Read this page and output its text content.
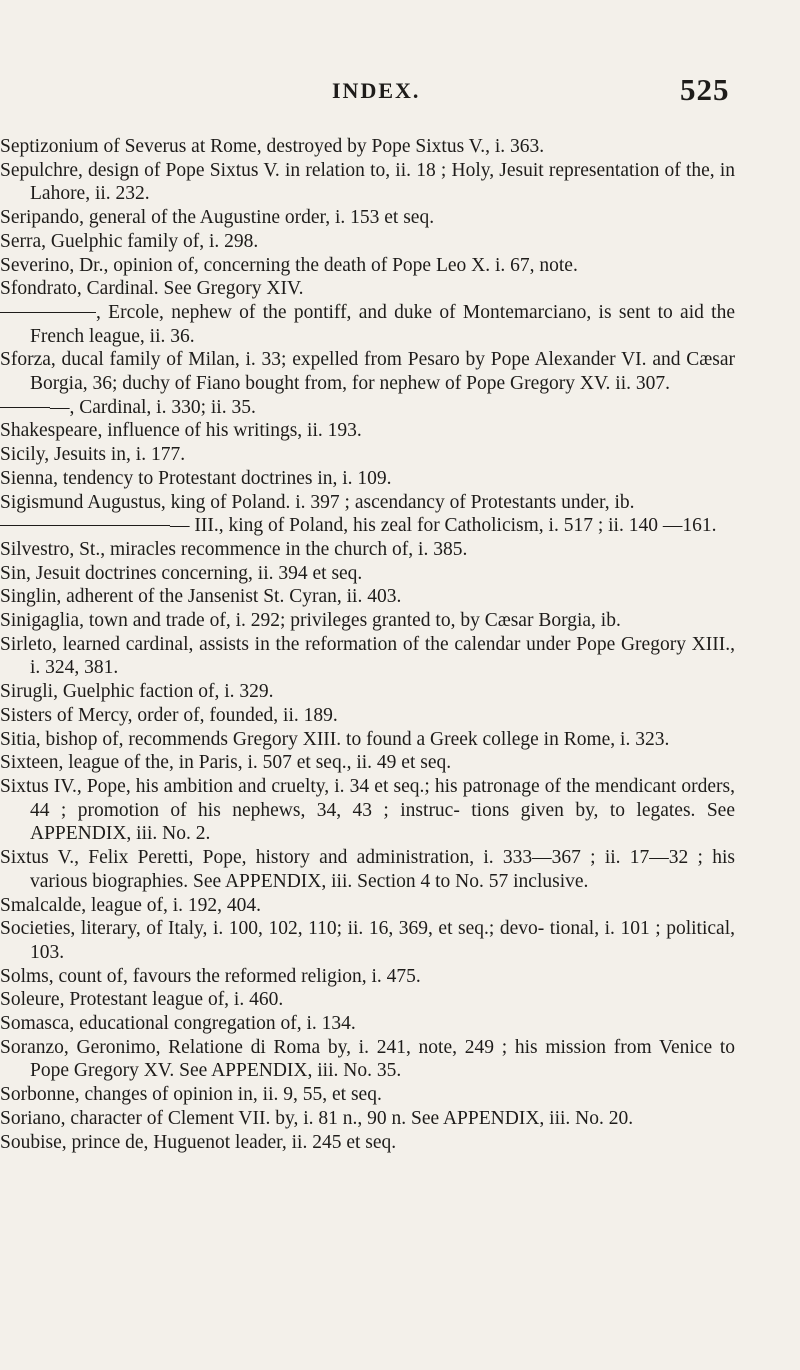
INDEX.	525

Septizonium of Severus at Rome, destroyed by Pope Sixtus V., i. 363.

Sepulchre, design of Pope Sixtus V. in relation to, ii. 18 ; Holy, Jesuit representation of the, in Lahore, ii. 232.

Seripando, general of the Augustine order, i. 153 et seq.

Serra, Guelphic family of, i. 298.

Severino, Dr., opinion of, concerning the death of Pope Leo X. i. 67, note.

Sfondrato, Cardinal. See Gregory XIV.

, Ercole, nephew of the pontiff, and duke of Montemarciano, is sent to aid the French league, ii. 36.

Sforza, ducal family of Milan, i. 33; expelled from Pesaro by Pope Alexander VI. and Cæsar Borgia, 36; duchy of Fiano bought from, for nephew of Pope Gregory XV. ii. 307.

—, Cardinal, i. 330; ii. 35.

Shakespeare, influence of his writings, ii. 193.

Sicily, Jesuits in, i. 177.

Sienna, tendency to Protestant doctrines in, i. 109.

Sigismund Augustus, king of Poland. i. 397 ; ascendancy of Protestants under, ib.

— III., king of Poland, his zeal for Catholicism, i. 517 ; ii. 140 —161.

Silvestro, St., miracles recommence in the church of, i. 385.

Sin, Jesuit doctrines concerning, ii. 394 et seq.

Singlin, adherent of the Jansenist St. Cyran, ii. 403.

Sinigaglia, town and trade of, i. 292; privileges granted to, by Cæsar Borgia, ib.

Sirleto, learned cardinal, assists in the reformation of the calendar under Pope Gregory XIII., i. 324, 381.

Sirugli, Guelphic faction of, i. 329.

Sisters of Mercy, order of, founded, ii. 189.

Sitia, bishop of, recommends Gregory XIII. to found a Greek college in Rome, i. 323.

Sixteen, league of the, in Paris, i. 507 et seq., ii. 49 et seq.

Sixtus IV., Pope, his ambition and cruelty, i. 34 et seq.; his patronage of the mendicant orders, 44 ; promotion of his nephews, 34, 43 ; instruc- tions given by, to legates. See APPENDIX, iii. No. 2.

Sixtus V., Felix Peretti, Pope, history and administration, i. 333—367 ; ii. 17—32 ; his various biographies. See APPENDIX, iii. Section 4 to No. 57 inclusive.

Smalcalde, league of, i. 192, 404.

Societies, literary, of Italy, i. 100, 102, 110; ii. 16, 369, et seq.; devo- tional, i. 101 ; political, 103.

Solms, count of, favours the reformed religion, i. 475.

Soleure, Protestant league of, i. 460.

Somasca, educational congregation of, i. 134.

Soranzo, Geronimo, Relatione di Roma by, i. 241, note, 249 ; his mission from Venice to Pope Gregory XV. See APPENDIX, iii. No. 35.

Sorbonne, changes of opinion in, ii. 9, 55, et seq.

Soriano, character of Clement VII. by, i. 81 n., 90 n. See APPENDIX, iii. No. 20.

Soubise, prince de, Huguenot leader, ii. 245 et seq.
